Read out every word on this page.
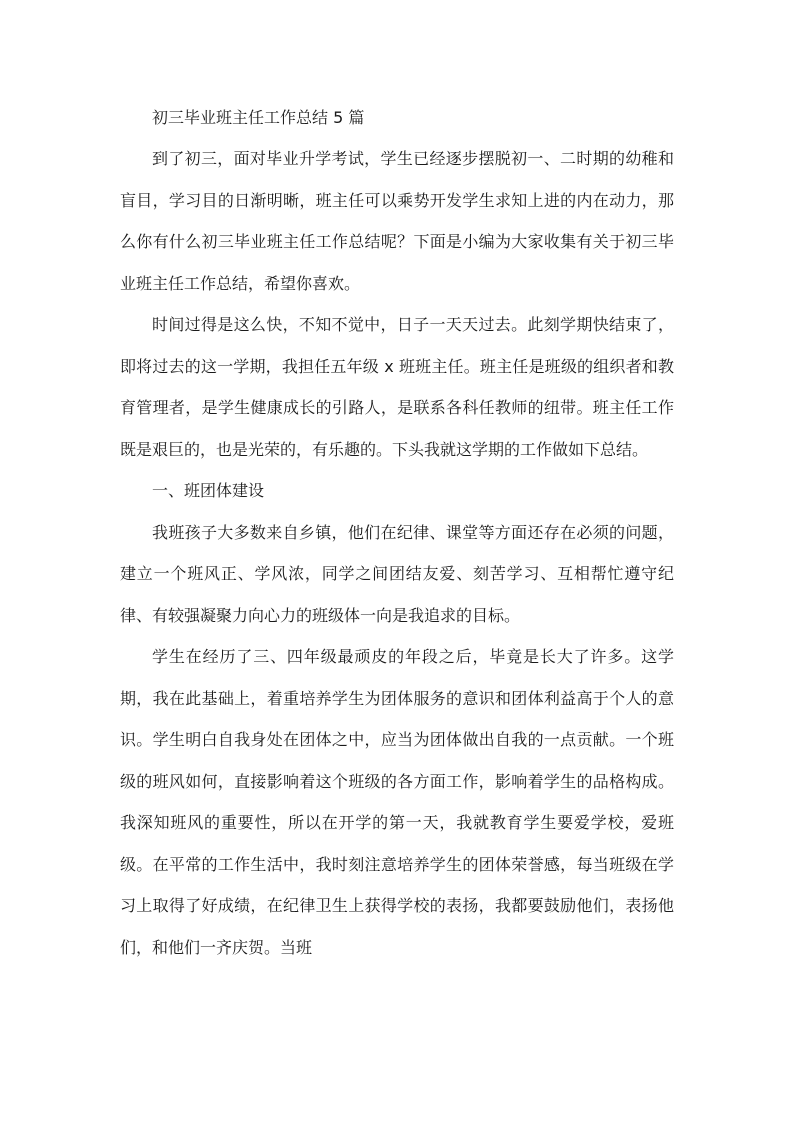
初三毕业班主任工作总结 5 篇

到了初三，面对毕业升学考试，学生已经逐步摆脱初一、二时期的幼稚和盲目，学习目的日渐明晰，班主任可以乘势开发学生求知上进的内在动力，那么你有什么初三毕业班主任工作总结呢？下面是小编为大家收集有关于初三毕业班主任工作总结，希望你喜欢。

时间过得是这么快，不知不觉中，日子一天天过去。此刻学期快结束了，即将过去的这一学期，我担任五年级 x 班班主任。班主任是班级的组织者和教育管理者，是学生健康成长的引路人，是联系各科任教师的纽带。班主任工作既是艰巨的，也是光荣的，有乐趣的。下头我就这学期的工作做如下总结。

一、班团体建设

我班孩子大多数来自乡镇，他们在纪律、课堂等方面还存在必须的问题，建立一个班风正、学风浓，同学之间团结友爱、刻苦学习、互相帮忙遵守纪律、有较强凝聚力向心力的班级体一向是我追求的目标。

学生在经历了三、四年级最顽皮的年段之后，毕竟是长大了许多。这学期，我在此基础上，着重培养学生为团体服务的意识和团体利益高于个人的意识。学生明白自我身处在团体之中，应当为团体做出自我的一点贡献。一个班级的班风如何，直接影响着这个班级的各方面工作，影响着学生的品格构成。我深知班风的重要性，所以在开学的第一天，我就教育学生要爱学校，爱班级。在平常的工作生活中，我时刻注意培养学生的团体荣誉感，每当班级在学习上取得了好成绩，在纪律卫生上获得学校的表扬，我都要鼓励他们，表扬他们，和他们一齐庆贺。当班
